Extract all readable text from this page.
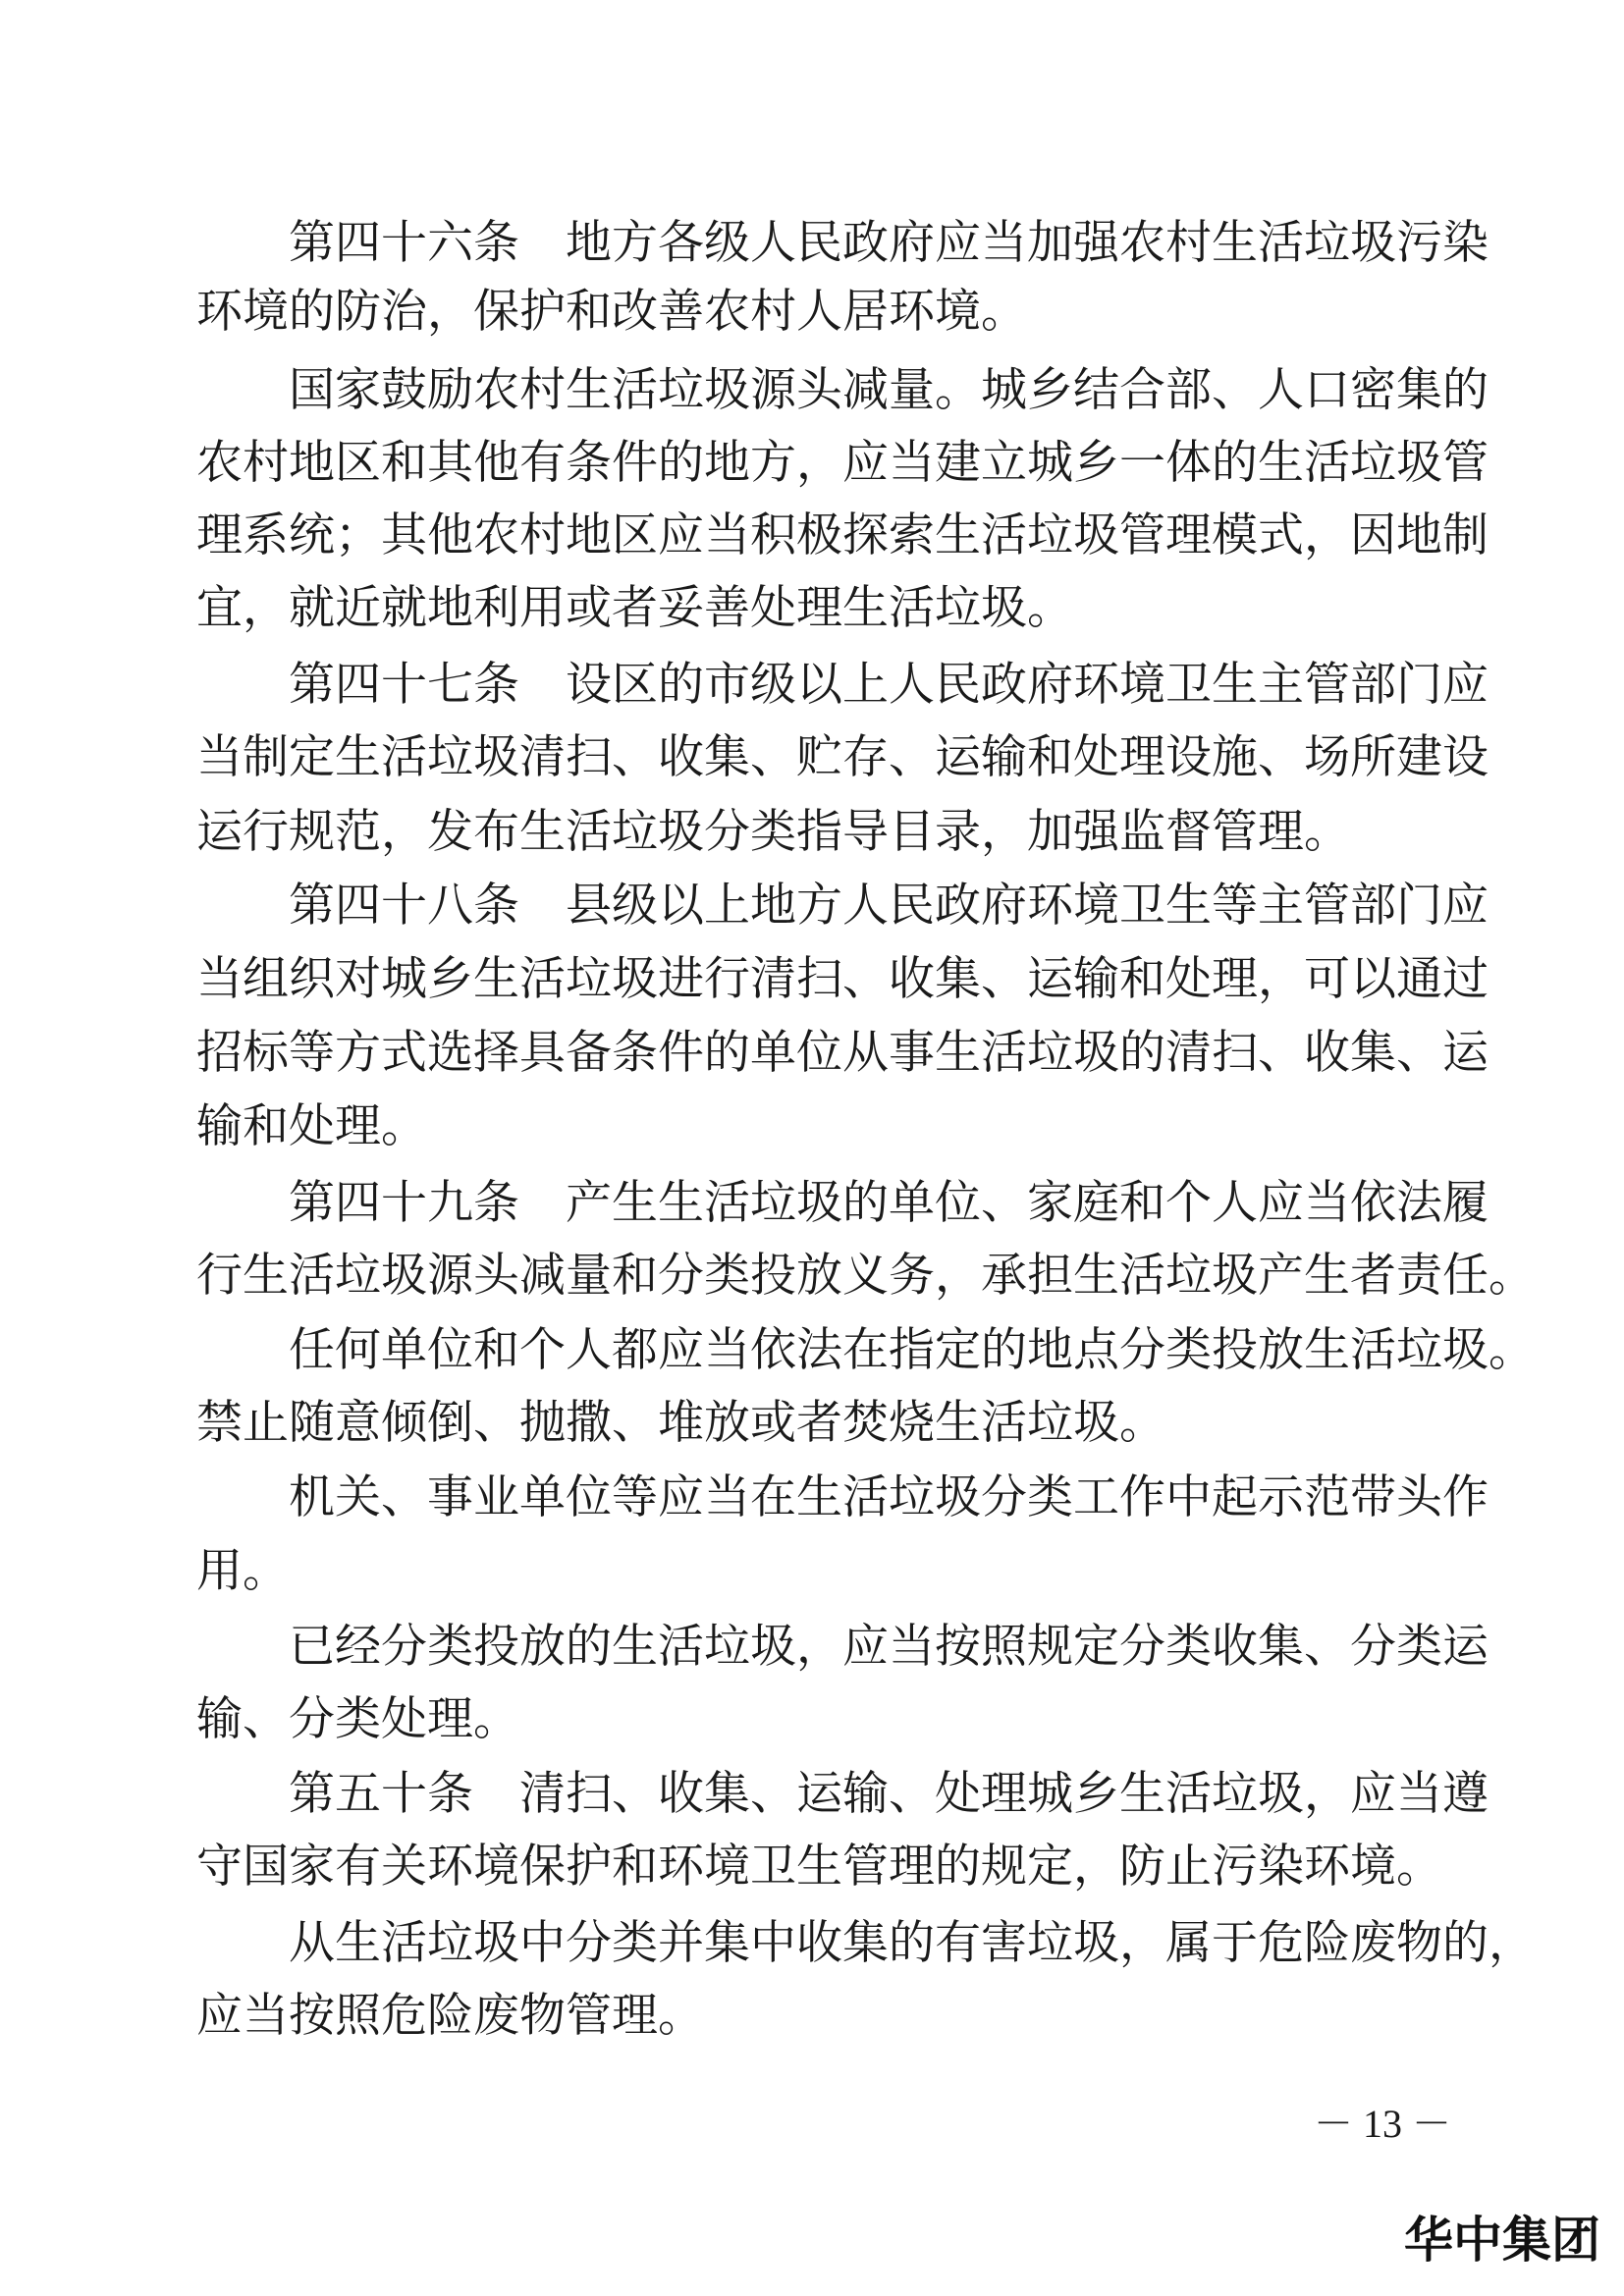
　　第四十六条　地方各级人民政府应当加强农村生活垃圾污染
环境的防治，保护和改善农村人居环境。
　　国家鼓励农村生活垃圾源头减量。城乡结合部、人口密集的
农村地区和其他有条件的地方，应当建立城乡一体的生活垃圾管
理系统；其他农村地区应当积极探索生活垃圾管理模式，因地制
宜，就近就地利用或者妥善处理生活垃圾。
　　第四十七条　设区的市级以上人民政府环境卫生主管部门应
当制定生活垃圾清扫、收集、贮存、运输和处理设施、场所建设
运行规范，发布生活垃圾分类指导目录，加强监督管理。
　　第四十八条　县级以上地方人民政府环境卫生等主管部门应
当组织对城乡生活垃圾进行清扫、收集、运输和处理，可以通过
招标等方式选择具备条件的单位从事生活垃圾的清扫、收集、运
输和处理。
　　第四十九条　产生生活垃圾的单位、家庭和个人应当依法履
行生活垃圾源头减量和分类投放义务，承担生活垃圾产生者责任。
　　任何单位和个人都应当依法在指定的地点分类投放生活垃圾。
禁止随意倾倒、抛撒、堆放或者焚烧生活垃圾。
　　机关、事业单位等应当在生活垃圾分类工作中起示范带头作
用。
　　已经分类投放的生活垃圾，应当按照规定分类收集、分类运
输、分类处理。
　　第五十条　清扫、收集、运输、处理城乡生活垃圾，应当遵
守国家有关环境保护和环境卫生管理的规定，防止污染环境。
　　从生活垃圾中分类并集中收集的有害垃圾，属于危险废物的，
应当按照危险废物管理。
－ 13 －
华中集团
